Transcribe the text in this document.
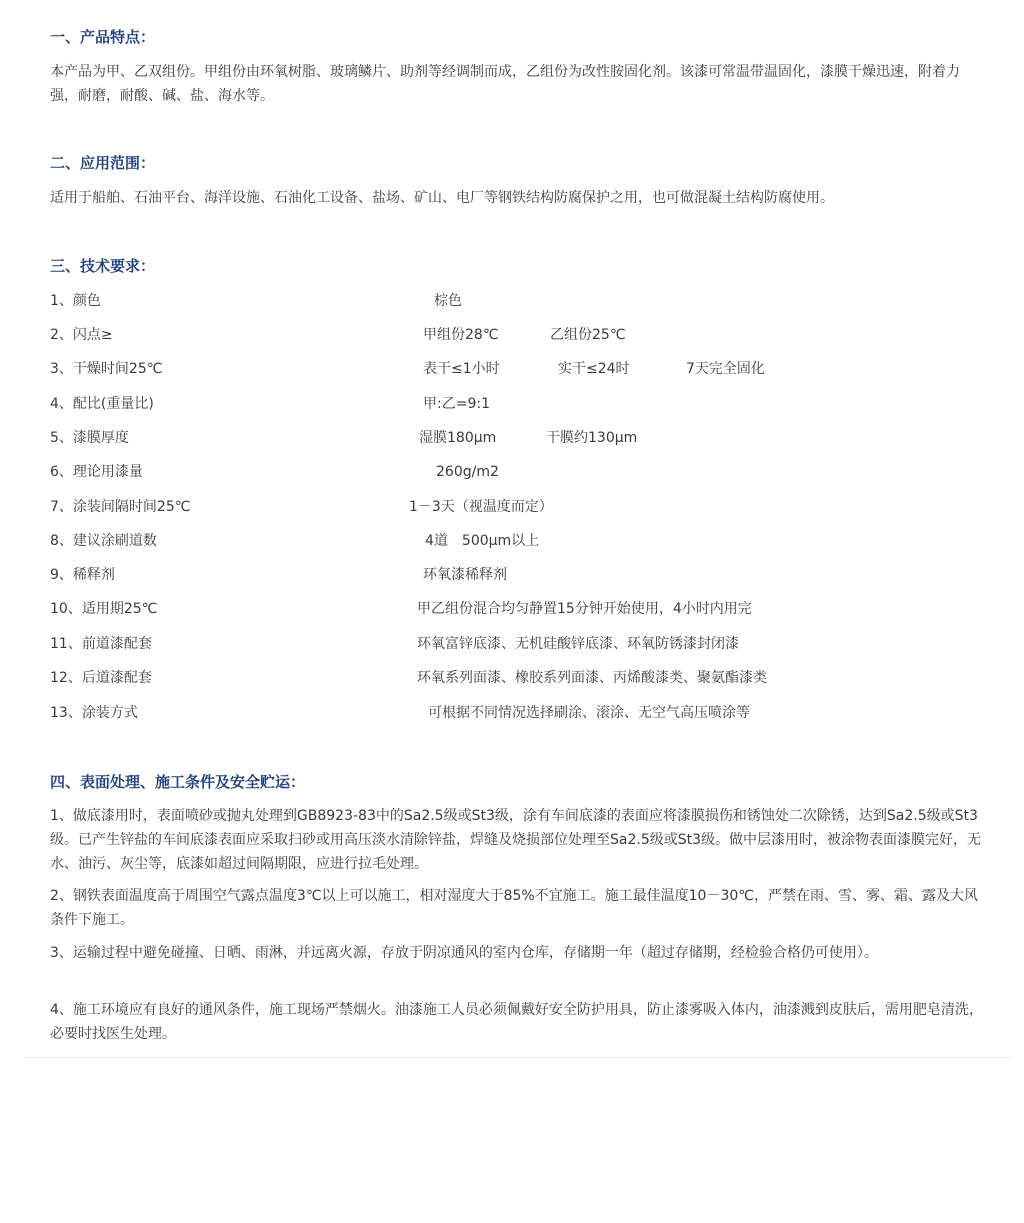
一、产品特点：
本产品为甲、乙双组份。甲组份由环氧树脂、玻璃鳞片、助剂等经调制而成，乙组份为改性胺固化剂。该漆可常温带温固化，漆膜干燥迅速，附着力强，耐磨，耐酸、碱、盐、海水等。
二、应用范围：
适用于船舶、石油平台、海洋设施、石油化工设备、盐场、矿山、电厂等钢铁结构防腐保护之用，也可做混凝土结构防腐使用。
三、技术要求：
1、颜色	棕色
2、闪点≥	甲组份28℃	乙组份25℃
3、干燥时间25℃	表干≤1小时	实干≤24时	7天完全固化
4、配比(重量比)	甲:乙=9:1
5、漆膜厚度	湿膜180μm	干膜约130μm
6、理论用漆量	260g/m2
7、涂装间隔时间25℃	1－3天（视温度而定）
8、建议涂刷道数	4道　500μm以上
9、稀释剂	环氧漆稀释剂
10、适用期25℃	甲乙组份混合均匀静置15分钟开始使用，4小时内用完
11、前道漆配套	环氧富锌底漆、无机硅酸锌底漆、环氧防锈漆封闭漆
12、后道漆配套	环氧系列面漆、橡胶系列面漆、丙烯酸漆类、聚氨酯漆类
13、涂装方式	可根据不同情况选择刷涂、滚涂、无空气高压喷涂等
四、表面处理、施工条件及安全贮运：
1、做底漆用时，表面喷砂或抛丸处理到GB8923-83中的Sa2.5级或St3级，涂有车间底漆的表面应将漆膜损伤和锈蚀处二次除锈，达到Sa2.5级或St3级。已产生锌盐的车间底漆表面应采取扫砂或用高压淡水清除锌盐，焊缝及烧损部位处理至Sa2.5级或St3级。做中层漆用时，被涂物表面漆膜完好，无水、油污、灰尘等，底漆如超过间隔期限，应进行拉毛处理。
2、钢铁表面温度高于周围空气露点温度3℃以上可以施工，相对湿度大于85%不宜施工。施工最佳温度10－30℃，严禁在雨、雪、雾、霜、露及大风条件下施工。
3、运输过程中避免碰撞、日晒、雨淋，并远离火源，存放于阴凉通风的室内仓库，存储期一年（超过存储期，经检验合格仍可使用）。
4、施工环境应有良好的通风条件，施工现场严禁烟火。油漆施工人员必须佩戴好安全防护用具，防止漆雾吸入体内，油漆溅到皮肤后，需用肥皂清洗，必要时找医生处理。
